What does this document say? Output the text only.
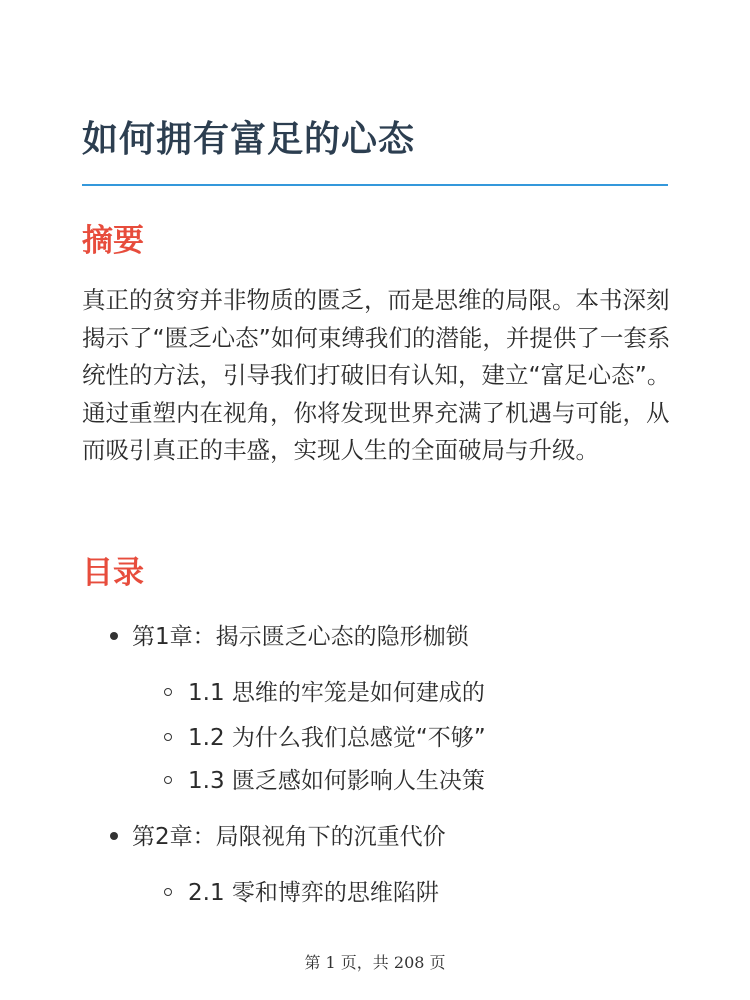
如何拥有富足的心态
摘要

真正的贫穷并非物质的匮乏，而是思维的局限。本书深刻揭示了“匮乏心态”如何束缚我们的潜能，并提供了一套系统性的方法，引导我们打破旧有认知，建立“富足心态”。通过重塑内在视角，你将发现世界充满了机遇与可能，从而吸引真正的丰盛，实现人生的全面破局与升级。

目录
第1章：揭示匮乏心态的隐形枷锁
1.1 思维的牢笼是如何建成的
1.2 为什么我们总感觉“不够”
1.3 匮乏感如何影响人生决策
第2章：局限视角下的沉重代价
2.1 零和博弈的思维陷阱
第 1 页，共 208 页
